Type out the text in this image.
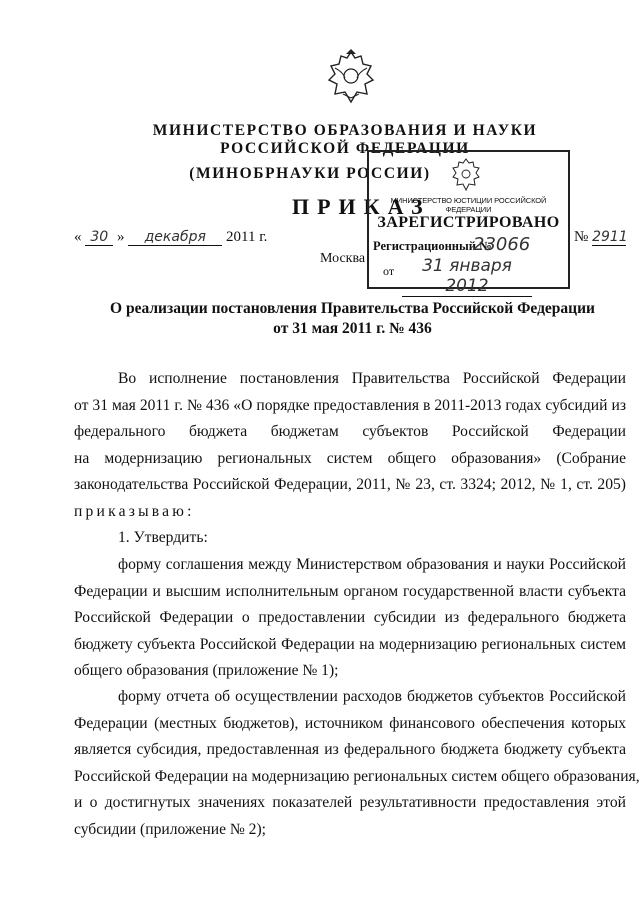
МИНИСТЕРСТВО ОБРАЗОВАНИЯ И НАУКИ
РОССИЙСКОЙ ФЕДЕРАЦИИ
(МИНОБРНАУКИ РОССИИ)
ПРИКАЗ
« 30 » декабря 2011 г.
Москва
№ 2911
МИНИСТЕРСТВО ЮСТИЦИИ РОССИЙСКОЙ ФЕДЕРАЦИИ
ЗАРЕГИСТРИРОВАНО
Регистрационный №
23066
от	31 января 2012
О реализации постановления Правительства Российской Федерации
от 31 мая 2011 г. № 436
Во исполнение постановления Правительства Российской Федерации
от 31 мая 2011 г. № 436 «О порядке предоставления в 2011-2013 годах субсидий из
федерального бюджета бюджетам субъектов Российской Федерации
на модернизацию региональных систем общего образования» (Собрание
законодательства Российской Федерации, 2011, № 23, ст. 3324; 2012, № 1, ст. 205)
приказываю:
1. Утвердить:
форму соглашения между Министерством образования и науки Российской
Федерации и высшим исполнительным органом государственной власти субъекта
Российской Федерации о предоставлении субсидии из федерального бюджета
бюджету субъекта Российской Федерации на модернизацию региональных систем
общего образования (приложение № 1);
форму отчета об осуществлении расходов бюджетов субъектов Российской
Федерации (местных бюджетов), источником финансового обеспечения которых
является субсидия, предоставленная из федерального бюджета бюджету субъекта
Российской Федерации на модернизацию региональных систем общего образования,
и о достигнутых значениях показателей результативности предоставления этой
субсидии (приложение № 2);
